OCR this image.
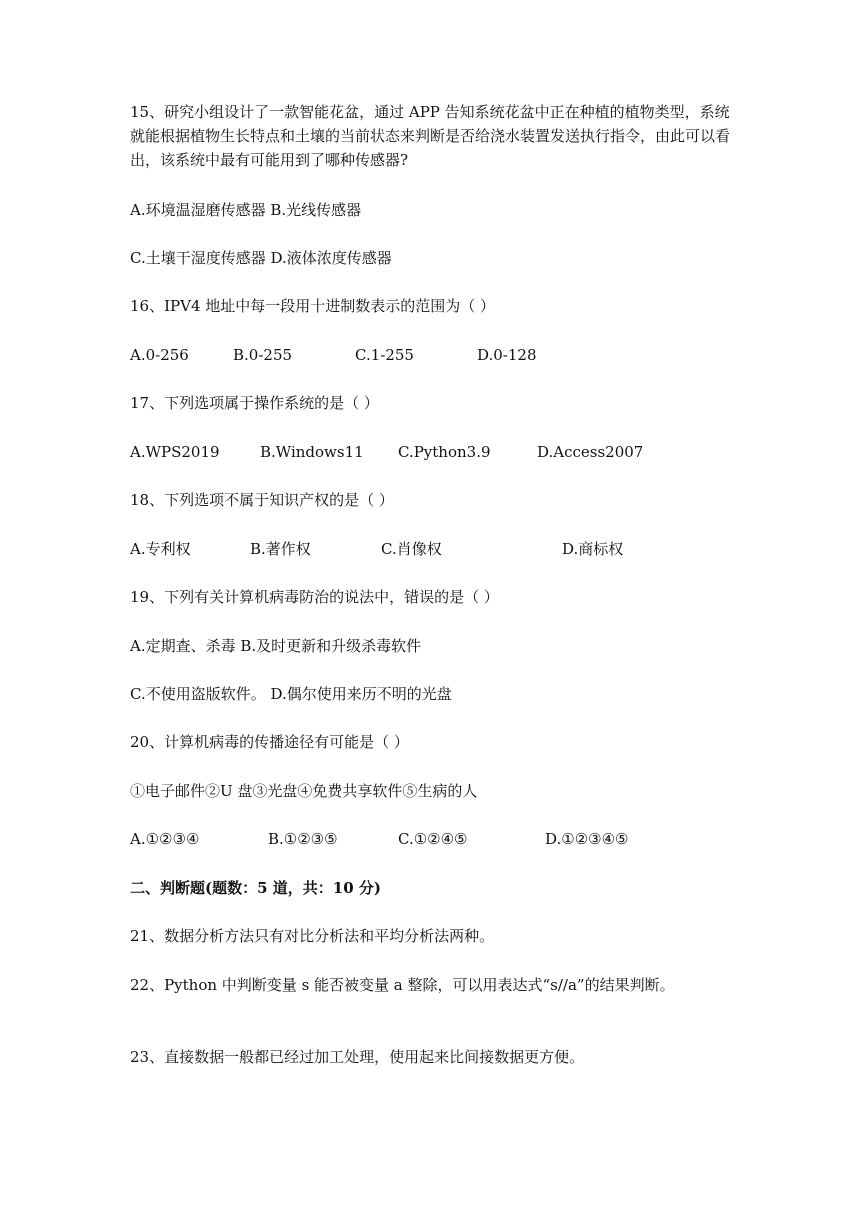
15、研究小组设计了一款智能花盆，通过 APP 告知系统花盆中正在种植的植物类型，系统就能根据植物生长特点和土壤的当前状态来判断是否给浇水装置发送执行指令，由此可以看出，该系统中最有可能用到了哪种传感器?
A.环境温湿磨传感器 B.光线传感器
C.土壤干湿度传感器 D.液体浓度传感器
16、IPV4 地址中每一段用十进制数表示的范围为（ ）
A.0-256	B.0-255	C.1-255	D.0-128
17、下列选项属于操作系统的是（ ）
A.WPS2019	B.Windows11 C.Python3.9	D.Access2007
18、下列选项不属于知识产权的是（ ）
A.专利权	B.著作权	C.肖像权	D.商标权
19、下列有关计算机病毒防治的说法中，错误的是（ ）
A.定期查、杀毒 B.及时更新和升级杀毒软件
C.不使用盗版软件。 D.偶尔使用来历不明的光盘
20、计算机病毒的传播途径有可能是（ ）
①电子邮件②U 盘③光盘④免费共享软件⑤生病的人
A.①②③④	B.①②③⑤	C.①②④⑤	D.①②③④⑤
二、判断题(题数：5 道，共：10 分)
21、数据分析方法只有对比分析法和平均分析法两种。
22、Python 中判断变量 s 能否被变量 a 整除，可以用表达式“s//a”的结果判断。
23、直接数据一般都已经过加工处理，使用起来比间接数据更方便。
